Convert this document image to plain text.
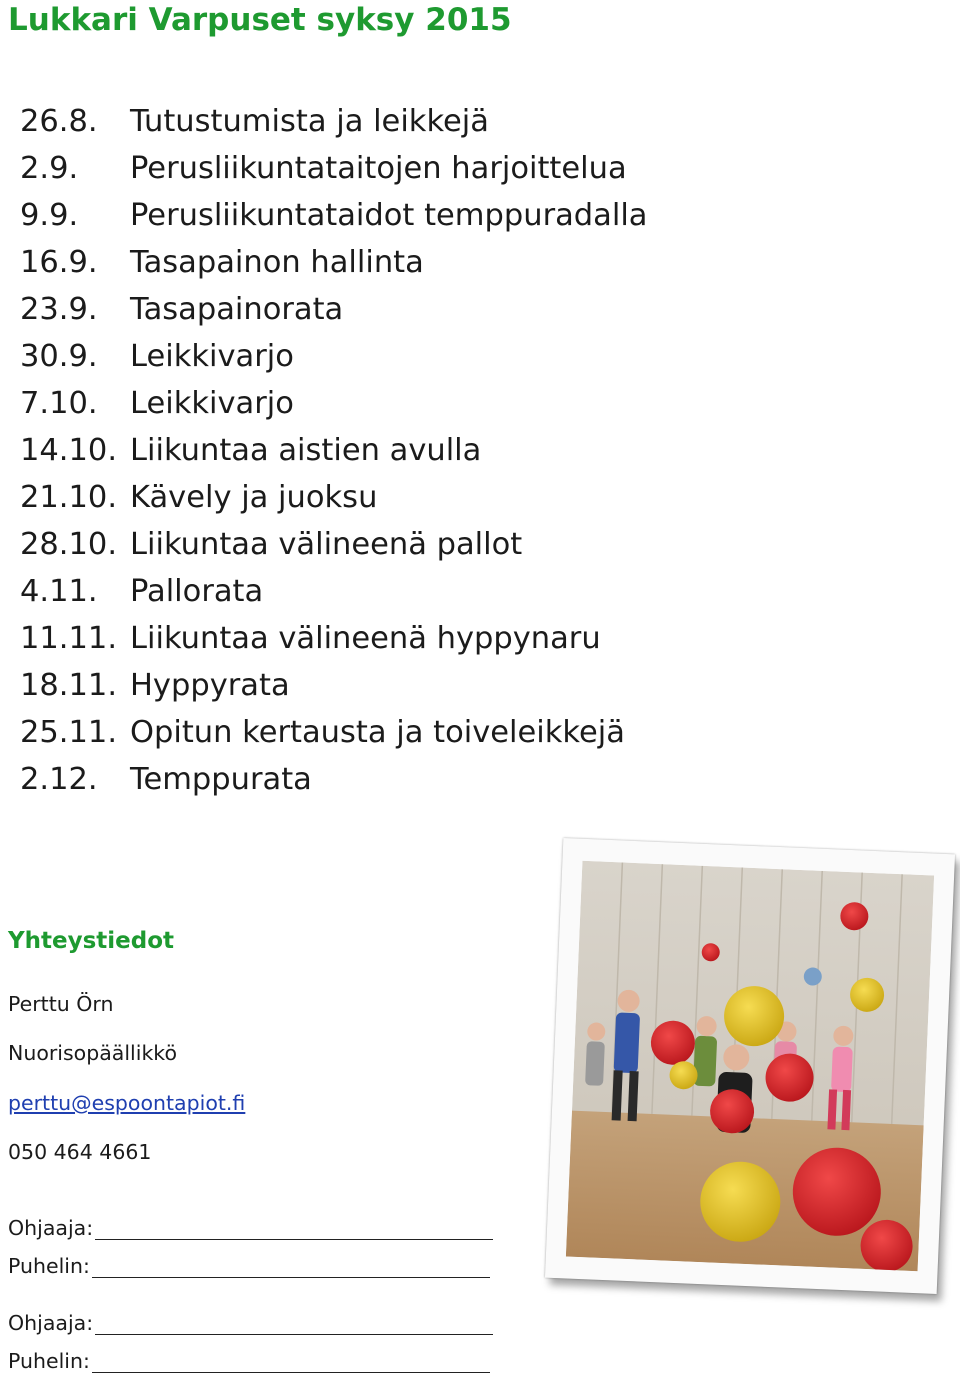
Lukkari Varpuset syksy 2015
26.8. Tutustumista ja leikkejä
2.9. Perusliikuntataitojen harjoittelua
9.9. Perusliikuntataidot temppuradalla
16.9. Tasapainon hallinta
23.9. Tasapainorata
30.9. Leikkivarjo
7.10. Leikkivarjo
14.10. Liikuntaa aistien avulla
21.10. Kävely ja juoksu
28.10. Liikuntaa välineenä pallot
4.11. Pallorata
11.11. Liikuntaa välineenä hyppynaru
18.11. Hyppyrata
25.11. Opitun kertausta ja toiveleikkejä
2.12. Temppurata
Yhteystiedot
Perttu Örn
Nuorisopäällikkö
perttu@espoontapiot.fi
050 464 4661
Ohjaaja:
Puhelin:
Ohjaaja:
Puhelin:
